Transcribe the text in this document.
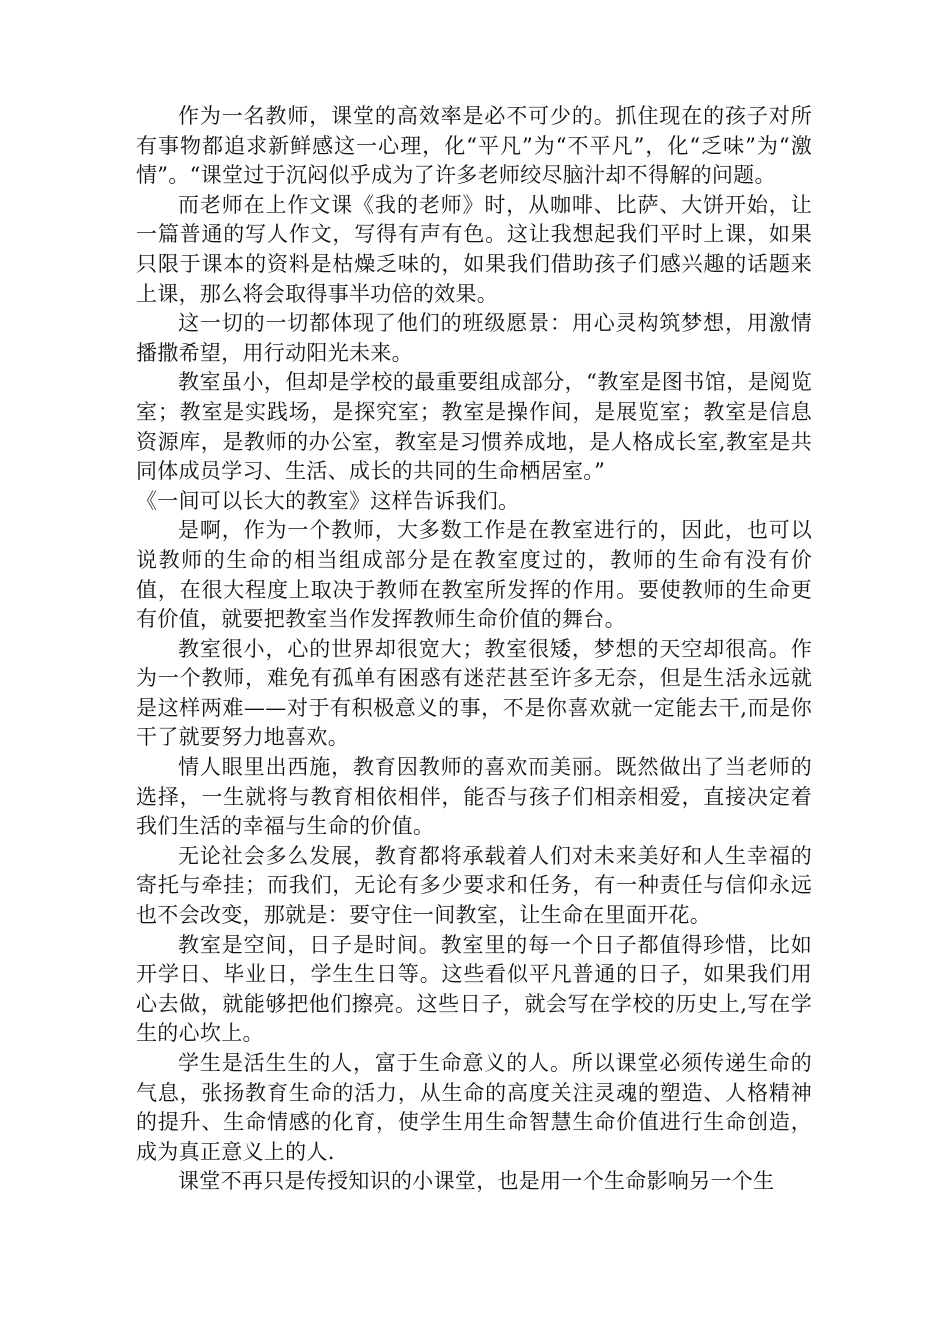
作为一名教师，课堂的高效率是必不可少的。抓住现在的孩子对所有事物都追求新鲜感这一心理，化“平凡”为“不平凡”，化“乏味”为“激情”。“课堂过于沉闷似乎成为了许多老师绞尽脑汁却不得解的问题。

而老师在上作文课《我的老师》时，从咖啡、比萨、大饼开始，让一篇普通的写人作文，写得有声有色。这让我想起我们平时上课，如果只限于课本的资料是枯燥乏味的，如果我们借助孩子们感兴趣的话题来上课，那么将会取得事半功倍的效果。

这一切的一切都体现了他们的班级愿景：用心灵构筑梦想，用激情播撒希望，用行动阳光未来。

教室虽小，但却是学校的最重要组成部分，“教室是图书馆，是阅览室；教室是实践场，是探究室；教室是操作间，是展览室；教室是信息资源库，是教师的办公室，教室是习惯养成地，是人格成长室,教室是共同体成员学习、生活、成长的共同的生命栖居室。”

《一间可以长大的教室》这样告诉我们。

是啊，作为一个教师，大多数工作是在教室进行的，因此，也可以说教师的生命的相当组成部分是在教室度过的，教师的生命有没有价值，在很大程度上取决于教师在教室所发挥的作用。要使教师的生命更有价值，就要把教室当作发挥教师生命价值的舞台。

教室很小，心的世界却很宽大；教室很矮，梦想的天空却很高。作为一个教师，难免有孤单有困惑有迷茫甚至许多无奈，但是生活永远就是这样两难——对于有积极意义的事，不是你喜欢就一定能去干,而是你干了就要努力地喜欢。

情人眼里出西施，教育因教师的喜欢而美丽。既然做出了当老师的选择，一生就将与教育相依相伴，能否与孩子们相亲相爱，直接决定着我们生活的幸福与生命的价值。

无论社会多么发展，教育都将承载着人们对未来美好和人生幸福的寄托与牵挂；而我们，无论有多少要求和任务，有一种责任与信仰永远也不会改变，那就是：要守住一间教室，让生命在里面开花。

教室是空间，日子是时间。教室里的每一个日子都值得珍惜，比如开学日、毕业日，学生生日等。这些看似平凡普通的日子，如果我们用心去做，就能够把他们擦亮。这些日子，就会写在学校的历史上,写在学生的心坎上。

学生是活生生的人，富于生命意义的人。所以课堂必须传递生命的气息，张扬教育生命的活力，从生命的高度关注灵魂的塑造、人格精神的提升、生命情感的化育，使学生用生命智慧生命价值进行生命创造，成为真正意义上的人.

课堂不再只是传授知识的小课堂，也是用一个生命影响另一个生
